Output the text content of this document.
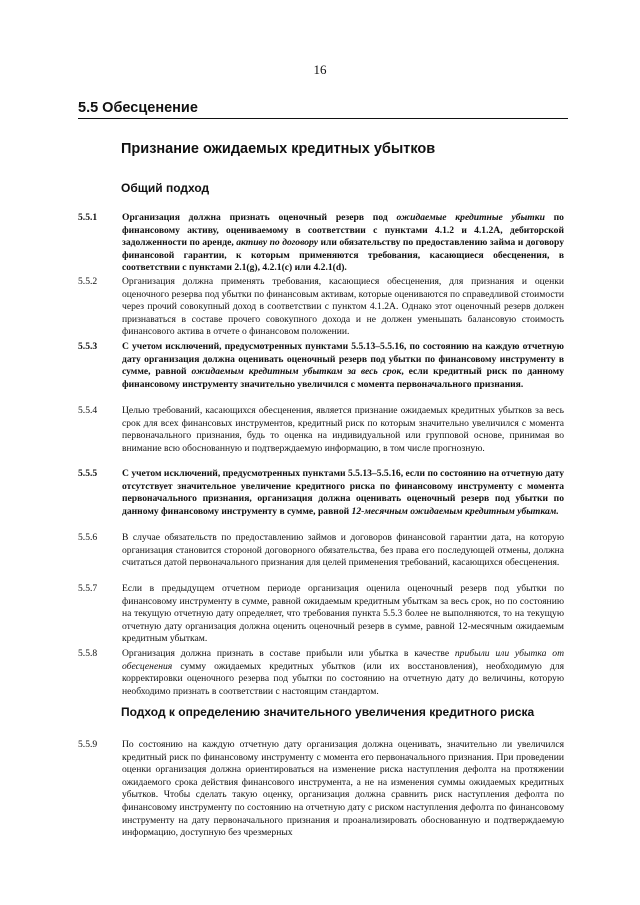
16
5.5 Обесценение
Признание ожидаемых кредитных убытков
Общий подход
5.5.1	Организация должна признать оценочный резерв под ожидаемые кредитные убытки по финансовому активу, оцениваемому в соответствии с пунктами 4.1.2 и 4.1.2А, дебиторской задолженности по аренде, активу по договору или обязательству по предоставлению займа и договору финансовой гарантии, к которым применяются требования, касающиеся обесценения, в соответствии с пунктами 2.1(g), 4.2.1(c) или 4.2.1(d).
5.5.2	Организация должна применять требования, касающиеся обесценения, для признания и оценки оценочного резерва под убытки по финансовым активам, которые оцениваются по справедливой стоимости через прочий совокупный доход в соответствии с пунктом 4.1.2А. Однако этот оценочный резерв должен признаваться в составе прочего совокупного дохода и не должен уменьшать балансовую стоимость финансового актива в отчете о финансовом положении.
5.5.3	С учетом исключений, предусмотренных пунктами 5.5.13–5.5.16, по состоянию на каждую отчетную дату организация должна оценивать оценочный резерв под убытки по финансовому инструменту в сумме, равной ожидаемым кредитным убыткам за весь срок, если кредитный риск по данному финансовому инструменту значительно увеличился с момента первоначального признания.
5.5.4	Целью требований, касающихся обесценения, является признание ожидаемых кредитных убытков за весь срок для всех финансовых инструментов, кредитный риск по которым значительно увеличился с момента первоначального признания, будь то оценка на индивидуальной или групповой основе, принимая во внимание всю обоснованную и подтверждаемую информацию, в том числе прогнозную.
5.5.5	С учетом исключений, предусмотренных пунктами 5.5.13–5.5.16, если по состоянию на отчетную дату отсутствует значительное увеличение кредитного риска по финансовому инструменту с момента первоначального признания, организация должна оценивать оценочный резерв под убытки по данному финансовому инструменту в сумме, равной 12-месячным ожидаемым кредитным убыткам.
5.5.6	В случае обязательств по предоставлению займов и договоров финансовой гарантии дата, на которую организация становится стороной договорного обязательства, без права его последующей отмены, должна считаться датой первоначального признания для целей применения требований, касающихся обесценения.
5.5.7	Если в предыдущем отчетном периоде организация оценила оценочный резерв под убытки по финансовому инструменту в сумме, равной ожидаемым кредитным убыткам за весь срок, но по состоянию на текущую отчетную дату определяет, что требования пункта 5.5.3 более не выполняются, то на текущую отчетную дату организация должна оценить оценочный резерв в сумме, равной 12-месячным ожидаемым кредитным убыткам.
5.5.8	Организация должна признать в составе прибыли или убытка в качестве прибыли или убытка от обесценения сумму ожидаемых кредитных убытков (или их восстановления), необходимую для корректировки оценочного резерва под убытки по состоянию на отчетную дату до величины, которую необходимо признать в соответствии с настоящим стандартом.
Подход к определению значительного увеличения кредитного риска
5.5.9	По состоянию на каждую отчетную дату организация должна оценивать, значительно ли увеличился кредитный риск по финансовому инструменту с момента его первоначального признания. При проведении оценки организация должна ориентироваться на изменение риска наступления дефолта на протяжении ожидаемого срока действия финансового инструмента, а не на изменения суммы ожидаемых кредитных убытков. Чтобы сделать такую оценку, организация должна сравнить риск наступления дефолта по финансовому инструменту по состоянию на отчетную дату с риском наступления дефолта по финансовому инструменту на дату первоначального признания и проанализировать обоснованную и подтверждаемую информацию, доступную без чрезмерных
